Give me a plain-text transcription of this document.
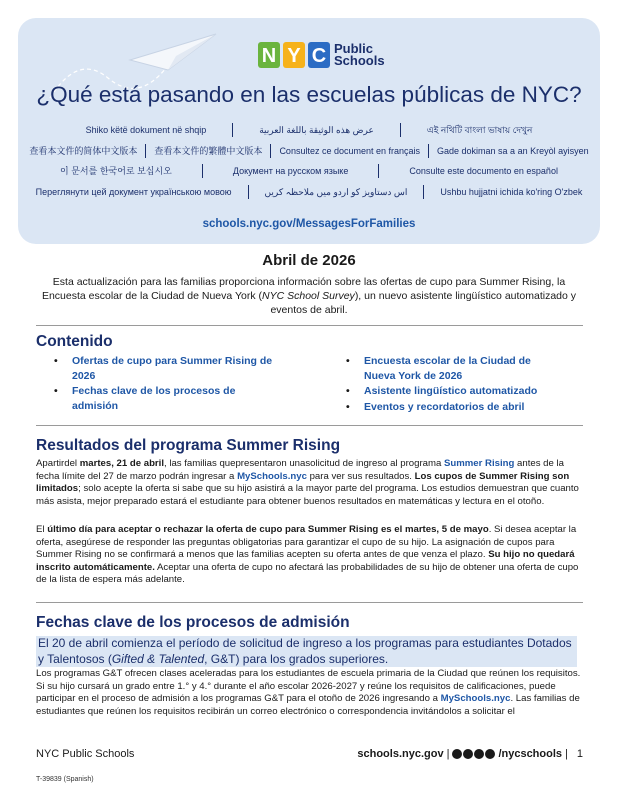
N Y C Public
Schools
Shiko këtë dokument në shqip	عرض هذه الوثيقة باللغة العربية	এই নথিটি বাংলা ভাষায় দেখুন
查看本文件的简体中文版本	查看本文件的繁體中文版本	Consultez ce document en français	Gade dokiman sa a an Kreyòl ayisyen
이 문서를 한국어로 보십시오	Документ на русском языке	Consulte este documento en español
Переглянути цей документ українською мовою	اس دستاویز کو اردو میں ملاحظہ کریں	Ushbu hujjatni ichida ko'ring O'zbek
¿Qué está pasando en las escuelas públicas de NYC?
schools.nyc.gov/MessagesForFamilies
Abril de 2026
Esta actualización para las familias proporciona información sobre las ofertas de cupo para Summer Rising, la Encuesta escolar de la Ciudad de Nueva York (NYC School Survey), un nuevo asistente lingüístico automatizado y eventos de abril.
Contenido
• Ofertas de cupo para Summer Rising de 2026
• Fechas clave de los procesos de admisión
• Encuesta escolar de la Ciudad de Nueva York de 2026
• Asistente lingüístico automatizado
• Eventos y recordatorios de abril
Resultados del programa Summer Rising
Apartirdel martes, 21 de abril, las familias quepresentaron unasolicitud de ingreso al programa Summer Rising antes de la fecha límite del 27 de marzo podrán ingresar a MySchools.nyc para ver sus resultados. Los cupos de Summer Rising son limitados; solo acepte la oferta si sabe que su hijo asistirá a la mayor parte del programa. Los estudios demuestran que cuanto más asista, mejor preparado estará el estudiante para obtener buenos resultados en matemáticas y lectura en el otoño.
El último día para aceptar o rechazar la oferta de cupo para Summer Rising es el martes, 5 de mayo. Si desea aceptar la oferta, asegúrese de responder las preguntas obligatorias para garantizar el cupo de su hijo. La asignación de cupos para Summer Rising no se confirmará a menos que las familias acepten su oferta antes de que venza el plazo. Su hijo no quedará inscrito automáticamente. Aceptar una oferta de cupo no afectará las probabilidades de su hijo de obtener una oferta de cupo de la lista de espera más adelante.
Fechas clave de los procesos de admisión
El 20 de abril comienza el período de solicitud de ingreso a los programas para estudiantes Dotados y Talentosos (Gifted & Talented, G&T) para los grados superiores.
Los programas G&T ofrecen clases aceleradas para los estudiantes de escuela primaria de la Ciudad que reúnen los requisitos. Si su hijo cursará un grado entre 1.° y 4.° durante el año escolar 2026-2027 y reúne los requisitos de calificaciones, puede participar en el proceso de admisión a los programas G&T para el otoño de 2026 ingresando a MySchools.nyc. Las familias de estudiantes que reúnen los requisitos recibirán un correo electrónico o correspondencia invitándolos a solicitar el
NYC Public Schools	schools.nyc.gov |	/nycschools | 1
T-39839 (Spanish)
